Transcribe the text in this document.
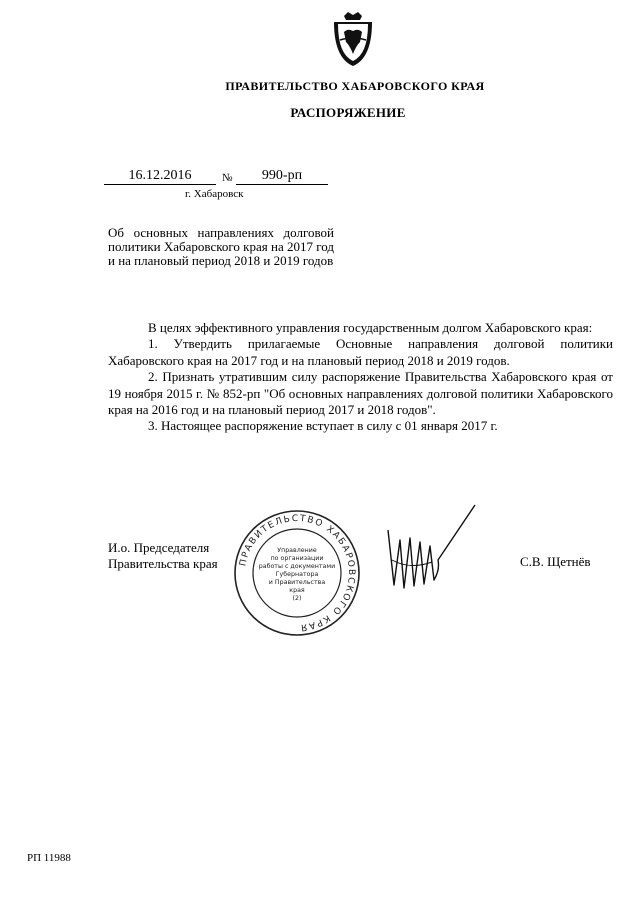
ПРАВИТЕЛЬСТВО ХАБАРОВСКОГО КРАЯ
РАСПОРЯЖЕНИЕ
16.12.2016	№	990-рп
г. Хабаровск
Об основных направлениях долговой политики Хабаровского края на 2017 год и на плановый период 2018 и 2019 годов

В целях эффективного управления государственным долгом Хабаровского края:

1. Утвердить прилагаемые Основные направления долговой политики Хабаровского края на 2017 год и на плановый период 2018 и 2019 годов.

2. Признать утратившим силу распоряжение Правительства Хабаровского края от 19 ноября 2015 г. № 852-рп "Об основных направлениях долговой политики Хабаровского края на 2016 год и на плановый период 2017 и 2018 годов".

3. Настоящее распоряжение вступает в силу с 01 января 2017 г.

И.о. Председателя
Правительства края	С.В. Щетнёв
ПРАВИТЕЛЬСТВО ХАБАРОВСКОГО КРАЯ
Управление
по организации
работы с документами
Губернатора
и Правительства
края
(2)
РП 11988
